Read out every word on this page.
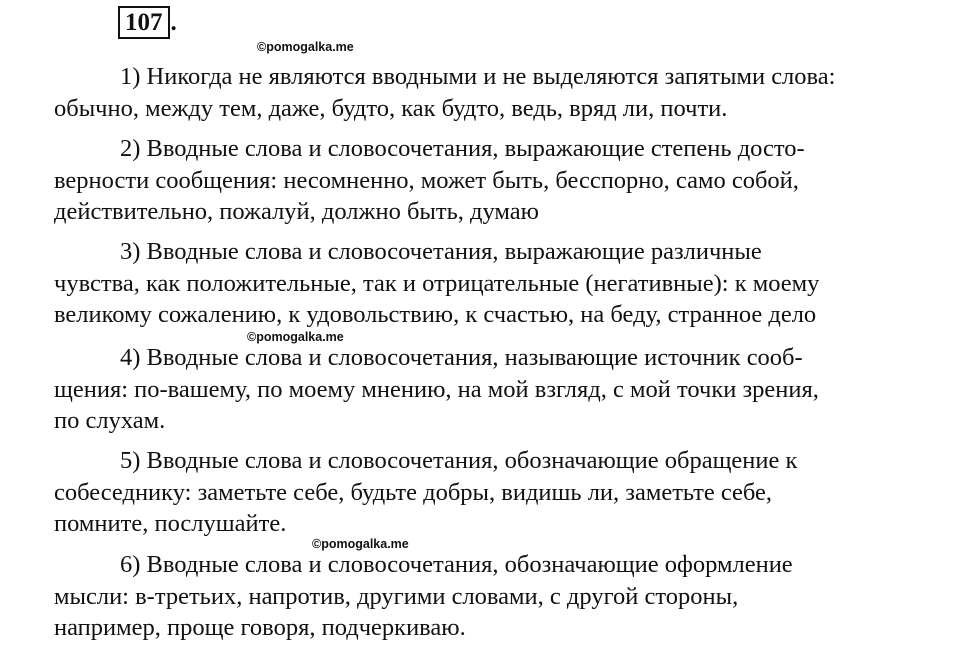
107 .
©pomogalka.me
©pomogalka.me
©pomogalka.me
1) Никогда не являются вводными и не выделяются запятыми слова:
обычно, между тем, даже, будто, как будто, ведь, вряд ли, почти.
2) Вводные слова и словосочетания, выражающие степень досто-
верности сообщения: несомненно, может быть, бесспорно, само собой,
действительно, пожалуй, должно быть, думаю
3) Вводные слова и словосочетания, выражающие различные
чувства, как положительные, так и отрицательные (негативные): к моему
великому сожалению, к удовольствию, к счастью, на беду, странное дело
4) Вводные слова и словосочетания, называющие источник сооб-
щения: по-вашему, по моему мнению, на мой взгляд, с мой точки зрения,
по слухам.
5) Вводные слова и словосочетания, обозначающие обращение к
собеседнику: заметьте себе, будьте добры, видишь ли, заметьте себе,
помните, послушайте.
6) Вводные слова и словосочетания, обозначающие оформление
мысли: в-третьих, напротив, другими словами, с другой стороны,
например, проще говоря, подчеркиваю.
